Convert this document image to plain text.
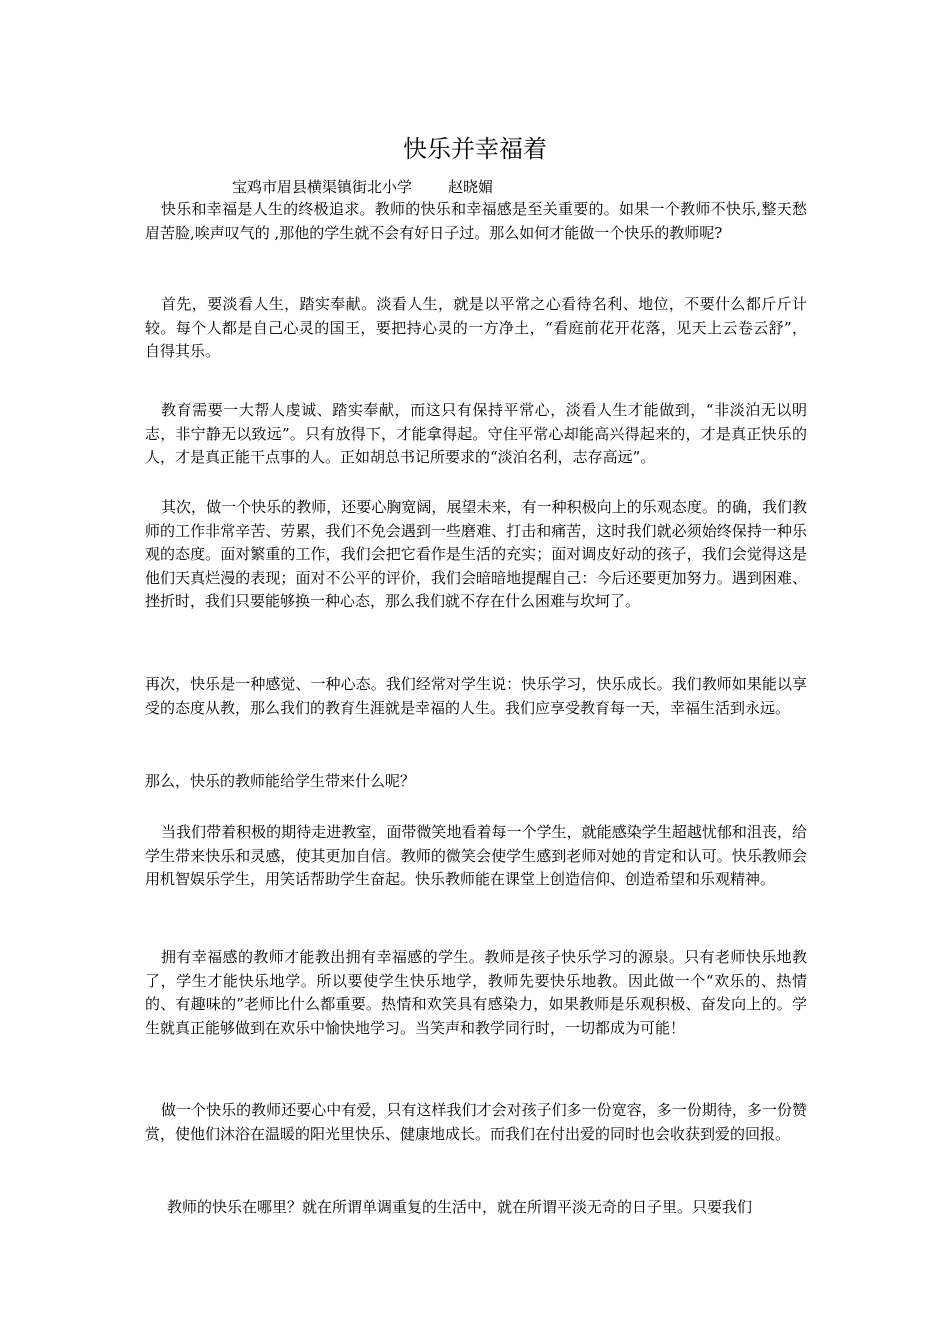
快乐并幸福着
宝鸡市眉县横渠镇街北小学 赵晓媚

快乐和幸福是人生的终极追求。教师的快乐和幸福感是至关重要的。如果一个教师不快乐,整天愁眉苦脸,唉声叹气的 ,那他的学生就不会有好日子过。那么如何才能做一个快乐的教师呢?

首先，要淡看人生，踏实奉献。淡看人生，就是以平常之心看待名利、地位，不要什么都斤斤计较。每个人都是自己心灵的国王，要把持心灵的一方净土，“看庭前花开花落，见天上云卷云舒”， 自得其乐。

教育需要一大帮人虔诚、踏实奉献，而这只有保持平常心，淡看人生才能做到，“非淡泊无以明志，非宁静无以致远”。只有放得下，才能拿得起。守住平常心却能高兴得起来的，才是真正快乐的人，才是真正能干点事的人。正如胡总书记所要求的“淡泊名利，志存高远”。

其次，做一个快乐的教师，还要心胸宽阔，展望未来，有一种积极向上的乐观态度。的确，我们教师的工作非常辛苦、劳累，我们不免会遇到一些磨难、打击和痛苦，这时我们就必须始终保持一种乐观的态度。面对繁重的工作，我们会把它看作是生活的充实；面对调皮好动的孩子，我们会觉得这是他们天真烂漫的表现；面对不公平的评价，我们会暗暗地提醒自己：今后还要更加努力。遇到困难、挫折时，我们只要能够换一种心态，那么我们就不存在什么困难与坎坷了。

再次，快乐是一种感觉、一种心态。我们经常对学生说：快乐学习，快乐成长。我们教师如果能以享受的态度从教，那么我们的教育生涯就是幸福的人生。我们应享受教育每一天，幸福生活到永远。

那么，快乐的教师能给学生带来什么呢？

当我们带着积极的期待走进教室，面带微笑地看着每一个学生，就能感染学生超越忧郁和沮丧，给学生带来快乐和灵感，使其更加自信。教师的微笑会使学生感到老师对她的肯定和认可。快乐教师会用机智娱乐学生，用笑话帮助学生奋起。快乐教师能在课堂上创造信仰、创造希望和乐观精神。

拥有幸福感的教师才能教出拥有幸福感的学生。教师是孩子快乐学习的源泉。只有老师快乐地教了，学生才能快乐地学。所以要使学生快乐地学，教师先要快乐地教。因此做一个“欢乐的、热情的、有趣味的”老师比什么都重要。热情和欢笑具有感染力，如果教师是乐观积极、奋发向上的。学生就真正能够做到在欢乐中愉快地学习。当笑声和教学同行时，一切都成为可能！

做一个快乐的教师还要心中有爱，只有这样我们才会对孩子们多一份宽容，多一份期待，多一份赞赏，使他们沐浴在温暖的阳光里快乐、健康地成长。而我们在付出爱的同时也会收获到爱的回报。

教师的快乐在哪里？就在所谓单调重复的生活中，就在所谓平淡无奇的日子里。只要我们
